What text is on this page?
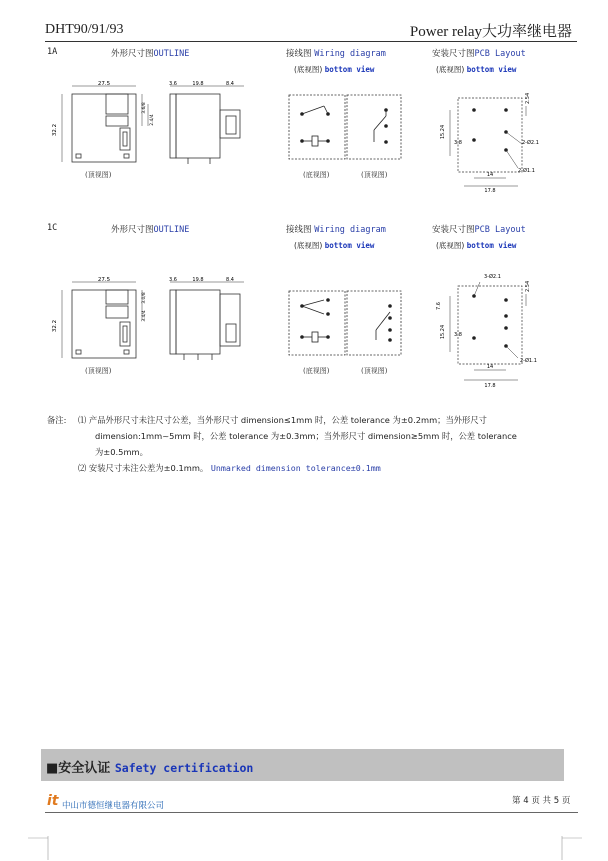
DHT90/91/93	Power relay大功率继电器
1A	外形尺寸图OUTLINE	接线图 Wiring diagram	安装尺寸图PCB Layout
(底视图) bottom view	(底视图) bottom view
27.5
32.2
3.6/8
2.4/4
(顶视图)
3.6	19.8	8.4
(底视图)	(顶视图)
2.54
15.24
3.8	2-Ø2.1
2-Ø1.1
14
17.8
1C	外形尺寸图OUTLINE	接线图 Wiring diagram	安装尺寸图PCB Layout
(底视图) bottom view	(底视图) bottom view
27.5
32.2
3.0/8
3.4/4
(顶视图)
3.6	19.8	8.4
(底视图)	(顶视图)
3-Ø2.1
2.54
7.6
15.24 3.8
2-Ø1.1
14
17.8
备注: ⑴ 产品外形尺寸未注尺寸公差，当外形尺寸 dimension≤1mm 时，公差 tolerance 为±0.2mm；当外形尺寸
dimension:1mm~5mm 时，公差 tolerance 为±0.3mm；当外形尺寸 dimension≥5mm 时，公差 tolerance
为±0.5mm。
⑵ 安装尺寸未注公差为±0.1mm。 Unmarked dimension tolerance±0.1mm
■安全认证 Safety certification
it 中山市德恒继电器有限公司	第 4 页 共 5 页
